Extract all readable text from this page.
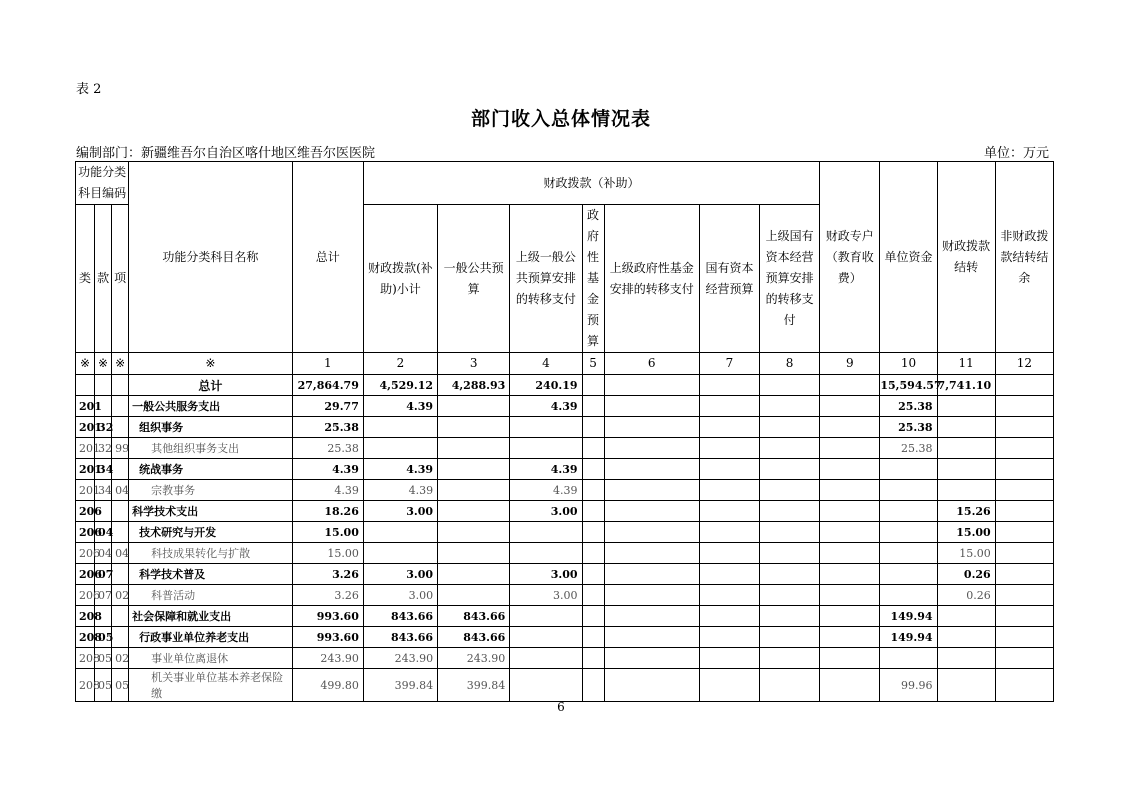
表 2
部门收入总体情况表
编制部门：新疆维吾尔自治区喀什地区维吾尔医医院	单位：万元
功能分类科目编码			功能分类科目名称	总计	财政拨款（补助）							财政专户（教育收费）	单位资金	财政拨款结转	非财政拨款结转结余
类	款	项			财政拨款(补助)小计	一般公共预算	上级一般公共预算安排的转移支付	政府性基金预算	上级政府性基金安排的转移支付	国有资本经营预算	上级国有资本经营预算安排的转移支付				
※	※	※	※	1	2	3	4	5	6	7	8	9	10	11	12
			总计	27,864.79	4,529.12	4,288.93	240.19						15,594.57	7,741.10	
201			一般公共服务支出	29.77	4.39		4.39						25.38		
201	32		组织事务	25.38									25.38		
201	32	99	其他组织事务支出	25.38									25.38		
201	34		统战事务	4.39	4.39		4.39								
201	34	04	宗教事务	4.39	4.39		4.39								
206			科学技术支出	18.26	3.00		3.00							15.26	
206	04		技术研究与开发	15.00										15.00	
206	04	04	科技成果转化与扩散	15.00										15.00	
206	07		科学技术普及	3.26	3.00		3.00							0.26	
206	07	02	科普活动	3.26	3.00		3.00							0.26	
208			社会保障和就业支出	993.60	843.66	843.66							149.94		
208	05		行政事业单位养老支出	993.60	843.66	843.66							149.94		
208	05	02	事业单位离退休	243.90	243.90	243.90									
208	05	05	机关事业单位基本养老保险缴	499.80	399.84	399.84							99.96		
6
